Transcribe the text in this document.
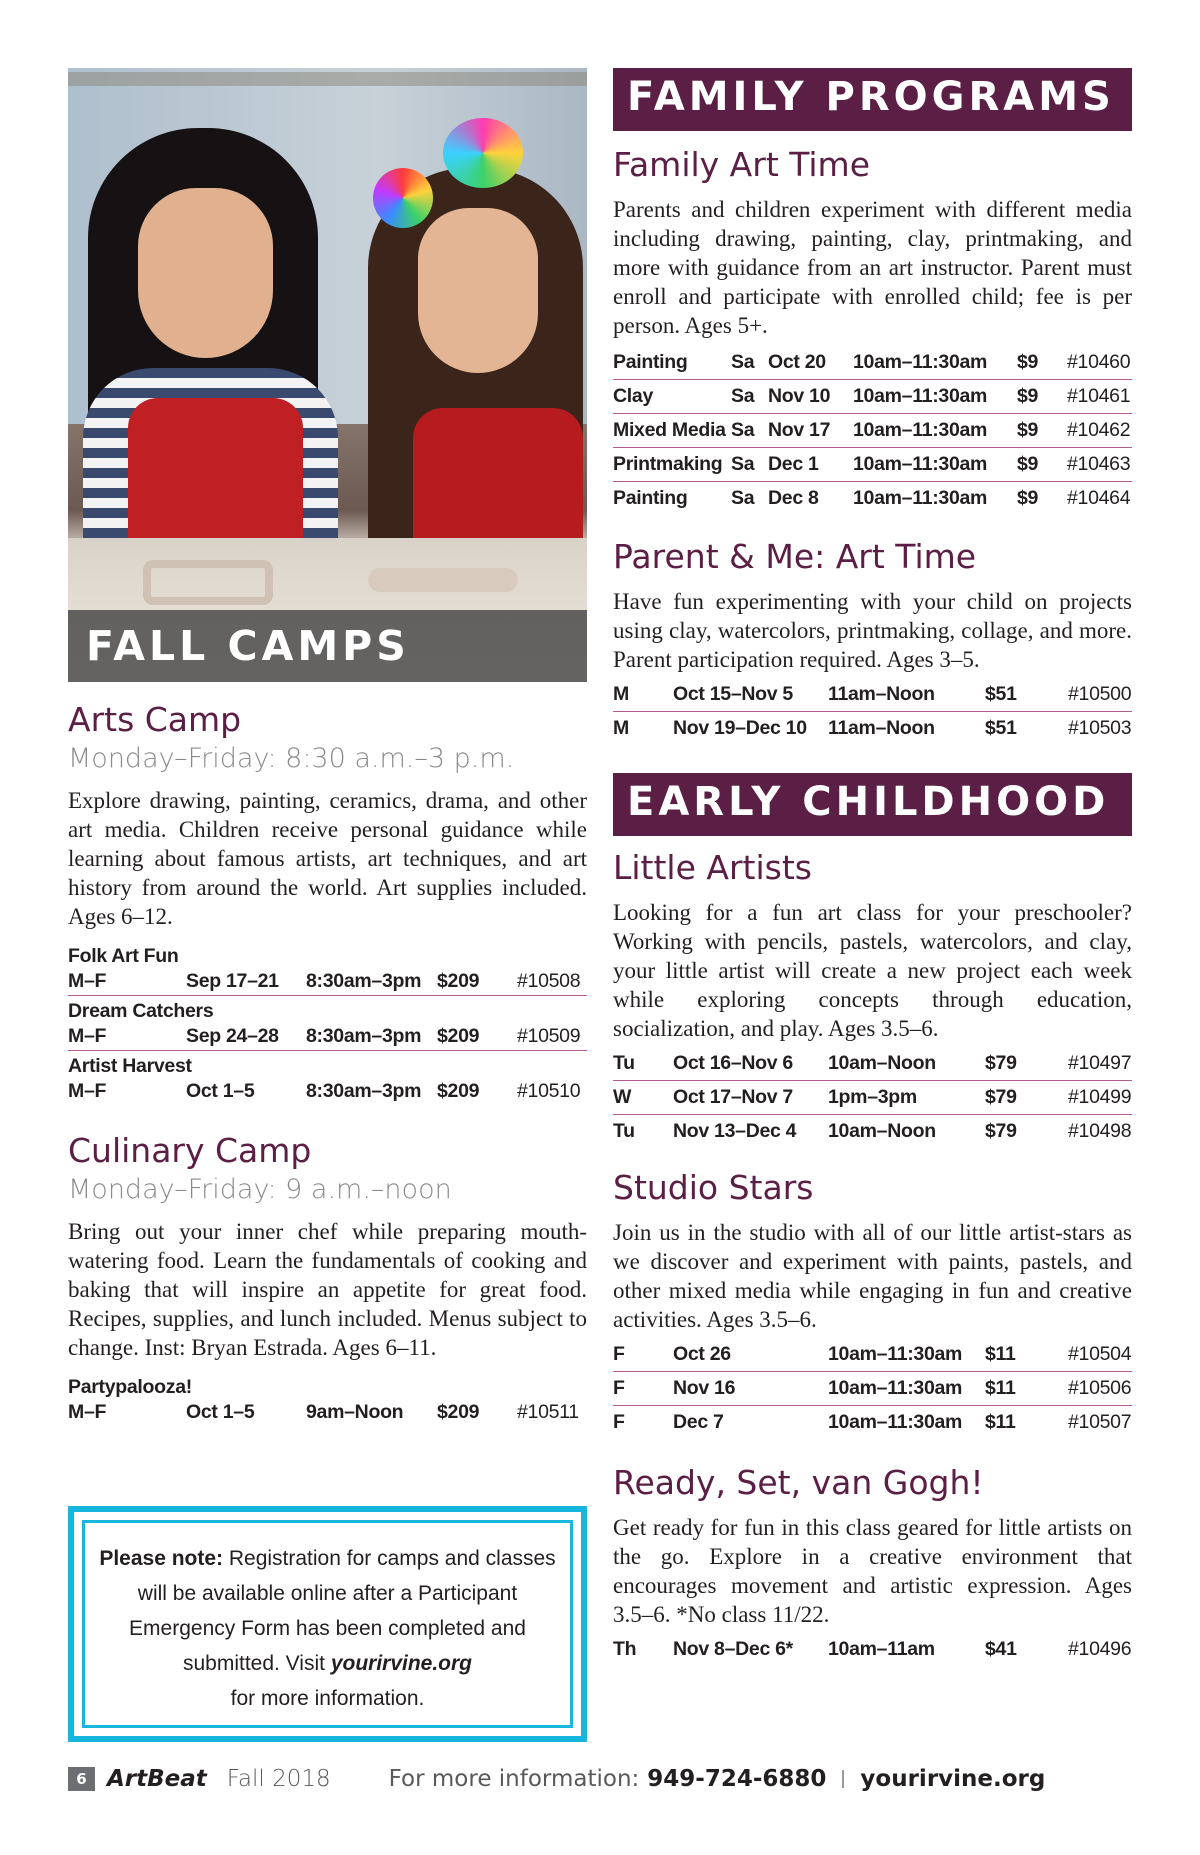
FALL CAMPS
Arts Camp
Monday–Friday: 8:30 a.m.–3 p.m.
Explore drawing, painting, ceramics, drama, and other art media. Children receive personal guidance while learning about famous artists, art techniques, and art history from around the world. Art supplies included. Ages 6–12.
Folk Art Fun
M–F	Sep 17–21	8:30am–3pm $209	#10508
Dream Catchers
M–F	Sep 24–28	8:30am–3pm $209	#10509
Artist Harvest
M–F	Oct 1–5	8:30am–3pm $209	#10510
Culinary Camp
Monday–Friday: 9 a.m.–noon
Bring out your inner chef while preparing mouth-watering food. Learn the fundamentals of cooking and baking that will inspire an appetite for great food. Recipes, supplies, and lunch included. Menus subject to change. Inst: Bryan Estrada. Ages 6–11.
Partypalooza!
M–F	Oct 1–5	9am–Noon	$209	#10511
Please note: Registration for camps and classes
will be available online after a Participant
Emergency Form has been completed and
submitted. Visit yourirvine.org
for more information.
FAMILY PROGRAMS
Family Art Time
Parents and children experiment with different media including drawing, painting, clay, printmaking, and more with guidance from an art instructor. Parent must enroll and participate with enrolled child; fee is per person. Ages 5+.
Painting	Sa Oct 20	10am–11:30am	$9	#10460
Clay	Sa Nov 10	10am–11:30am	$9	#10461
Mixed Media Sa Nov 17	10am–11:30am	$9	#10462
Printmaking Sa Dec 1	10am–11:30am	$9	#10463
Painting	Sa Dec 8	10am–11:30am	$9	#10464
Parent & Me: Art Time
Have fun experimenting with your child on projects using clay, watercolors, printmaking, collage, and more. Parent participation required. Ages 3–5.
M	Oct 15–Nov 5	11am–Noon	$51	#10500
M	Nov 19–Dec 10	11am–Noon	$51	#10503
EARLY CHILDHOOD
Little Artists
Looking for a fun art class for your preschooler? Working with pencils, pastels, watercolors, and clay, your little artist will create a new project each week while exploring concepts through education, socialization, and play. Ages 3.5–6.
Tu	Oct 16–Nov 6	10am–Noon	$79	#10497
W	Oct 17–Nov 7	1pm–3pm	$79	#10499
Tu	Nov 13–Dec 4	10am–Noon	$79	#10498
Studio Stars
Join us in the studio with all of our little artist-stars as we discover and experiment with paints, pastels, and other mixed media while engaging in fun and creative activities. Ages 3.5–6.
F	Oct 26	10am–11:30am	$11	#10504
F	Nov 16	10am–11:30am	$11	#10506
F	Dec 7	10am–11:30am	$11	#10507
Ready, Set, van Gogh!
Get ready for fun in this class geared for little artists on the go. Explore in a creative environment that encourages movement and artistic expression. Ages 3.5–6. *No class 11/22.
Th	Nov 8–Dec 6*	10am–11am	$41	#10496
6 ArtBeat Fall 2018	For more information: 949-724-6880 yourirvine.org
